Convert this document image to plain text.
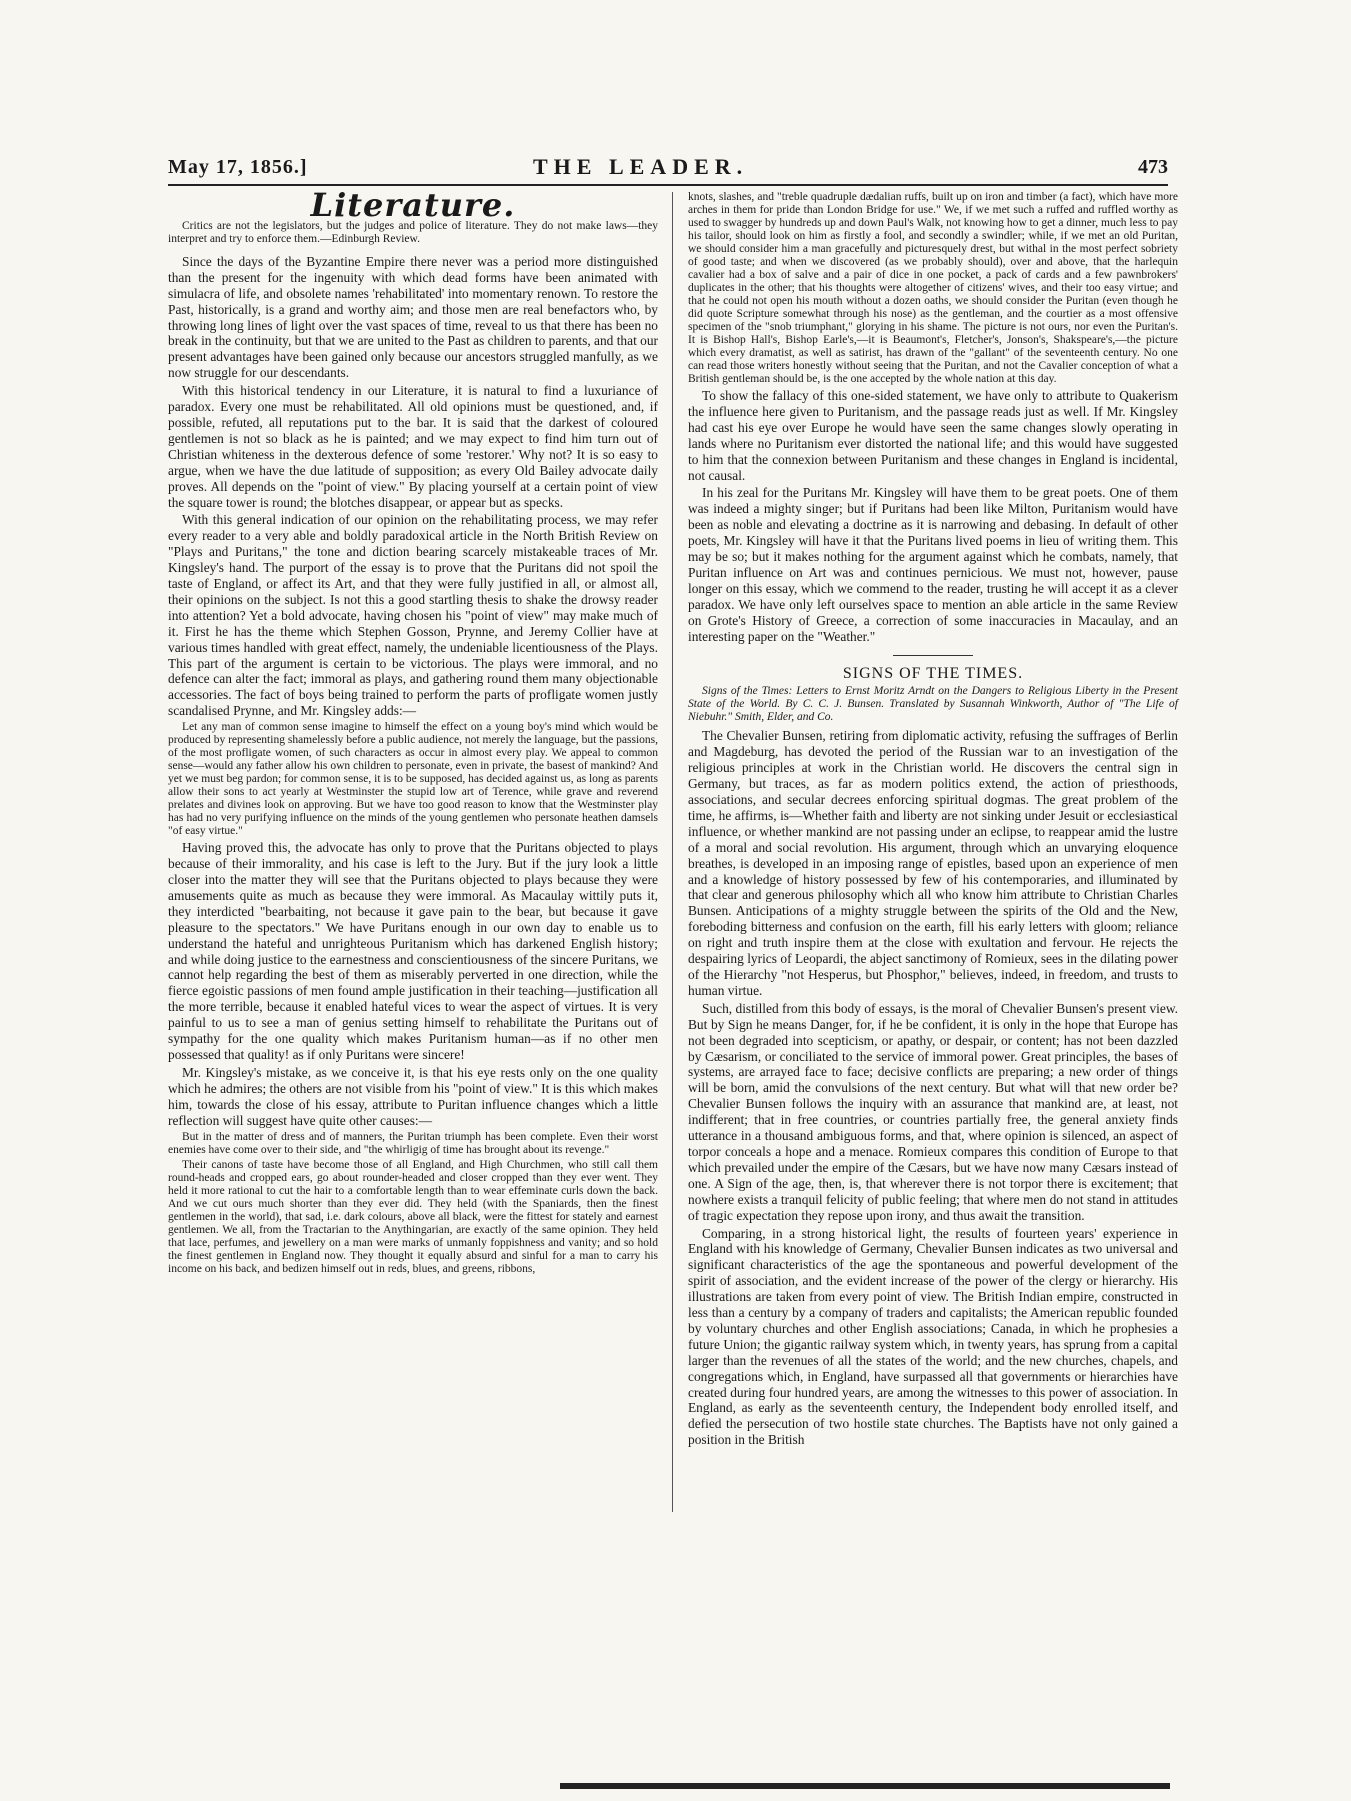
May 17, 1856.]	THE LEADER.	473
Literature.
Critics are not the legislators, but the judges and police of literature. They do not make laws—they interpret and try to enforce them.—Edinburgh Review.

Since the days of the Byzantine Empire there never was a period more distinguished than the present for the ingenuity with which dead forms have been animated with simulacra of life, and obsolete names 'rehabilitated' into momentary renown. To restore the Past, historically, is a grand and worthy aim; and those men are real benefactors who, by throwing long lines of light over the vast spaces of time, reveal to us that there has been no break in the continuity, but that we are united to the Past as children to parents, and that our present advantages have been gained only because our ancestors struggled manfully, as we now struggle for our descendants.

With this historical tendency in our Literature, it is natural to find a luxuriance of paradox. Every one must be rehabilitated. All old opinions must be questioned, and, if possible, refuted, all reputations put to the bar. It is said that the darkest of coloured gentlemen is not so black as he is painted; and we may expect to find him turn out of Christian whiteness in the dexterous defence of some 'restorer.' Why not? It is so easy to argue, when we have the due latitude of supposition; as every Old Bailey advocate daily proves. All depends on the "point of view." By placing yourself at a certain point of view the square tower is round; the blotches disappear, or appear but as specks.

With this general indication of our opinion on the rehabilitating process, we may refer every reader to a very able and boldly paradoxical article in the North British Review on "Plays and Puritans," the tone and diction bearing scarcely mistakeable traces of Mr. Kingsley's hand. The purport of the essay is to prove that the Puritans did not spoil the taste of England, or affect its Art, and that they were fully justified in all, or almost all, their opinions on the subject. Is not this a good startling thesis to shake the drowsy reader into attention? Yet a bold advocate, having chosen his "point of view" may make much of it. First he has the theme which Stephen Gosson, Prynne, and Jeremy Collier have at various times handled with great effect, namely, the undeniable licentiousness of the Plays. This part of the argument is certain to be victorious. The plays were immoral, and no defence can alter the fact; immoral as plays, and gathering round them many objectionable accessories. The fact of boys being trained to perform the parts of profligate women justly scandalised Prynne, and Mr. Kingsley adds:—

Let any man of common sense imagine to himself the effect on a young boy's mind which would be produced by representing shamelessly before a public audience, not merely the language, but the passions, of the most profligate women, of such characters as occur in almost every play. We appeal to common sense—would any father allow his own children to personate, even in private, the basest of mankind? And yet we must beg pardon; for common sense, it is to be supposed, has decided against us, as long as parents allow their sons to act yearly at Westminster the stupid low art of Terence, while grave and reverend prelates and divines look on approving. But we have too good reason to know that the Westminster play has had no very purifying influence on the minds of the young gentlemen who personate heathen damsels "of easy virtue."

Having proved this, the advocate has only to prove that the Puritans objected to plays because of their immorality, and his case is left to the Jury. But if the jury look a little closer into the matter they will see that the Puritans objected to plays because they were amusements quite as much as because they were immoral. As Macaulay wittily puts it, they interdicted "bearbaiting, not because it gave pain to the bear, but because it gave pleasure to the spectators." We have Puritans enough in our own day to enable us to understand the hateful and unrighteous Puritanism which has darkened English history; and while doing justice to the earnestness and conscientiousness of the sincere Puritans, we cannot help regarding the best of them as miserably perverted in one direction, while the fierce egoistic passions of men found ample justification in their teaching—justification all the more terrible, because it enabled hateful vices to wear the aspect of virtues. It is very painful to us to see a man of genius setting himself to rehabilitate the Puritans out of sympathy for the one quality which makes Puritanism human—as if no other men possessed that quality! as if only Puritans were sincere!

Mr. Kingsley's mistake, as we conceive it, is that his eye rests only on the one quality which he admires; the others are not visible from his "point of view." It is this which makes him, towards the close of his essay, attribute to Puritan influence changes which a little reflection will suggest have quite other causes:—

But in the matter of dress and of manners, the Puritan triumph has been complete. Even their worst enemies have come over to their side, and "the whirligig of time has brought about its revenge."

Their canons of taste have become those of all England, and High Churchmen, who still call them round-heads and cropped ears, go about rounder-headed and closer cropped than they ever went. They held it more rational to cut the hair to a comfortable length than to wear effeminate curls down the back. And we cut ours much shorter than they ever did. They held (with the Spaniards, then the finest gentlemen in the world), that sad, i.e. dark colours, above all black, were the fittest for stately and earnest gentlemen. We all, from the Tractarian to the Anythingarian, are exactly of the same opinion. They held that lace, perfumes, and jewellery on a man were marks of unmanly foppishness and vanity; and so hold the finest gentlemen in England now. They thought it equally absurd and sinful for a man to carry his income on his back, and bedizen himself out in reds, blues, and greens, ribbons,

knots, slashes, and "treble quadruple dædalian ruffs, built up on iron and timber (a fact), which have more arches in them for pride than London Bridge for use." We, if we met such a ruffed and ruffled worthy as used to swagger by hundreds up and down Paul's Walk, not knowing how to get a dinner, much less to pay his tailor, should look on him as firstly a fool, and secondly a swindler; while, if we met an old Puritan, we should consider him a man gracefully and picturesquely drest, but withal in the most perfect sobriety of good taste; and when we discovered (as we probably should), over and above, that the harlequin cavalier had a box of salve and a pair of dice in one pocket, a pack of cards and a few pawnbrokers' duplicates in the other; that his thoughts were altogether of citizens' wives, and their too easy virtue; and that he could not open his mouth without a dozen oaths, we should consider the Puritan (even though he did quote Scripture somewhat through his nose) as the gentleman, and the courtier as a most offensive specimen of the "snob triumphant," glorying in his shame. The picture is not ours, nor even the Puritan's. It is Bishop Hall's, Bishop Earle's,—it is Beaumont's, Fletcher's, Jonson's, Shakspeare's,—the picture which every dramatist, as well as satirist, has drawn of the "gallant" of the seventeenth century. No one can read those writers honestly without seeing that the Puritan, and not the Cavalier conception of what a British gentleman should be, is the one accepted by the whole nation at this day.

To show the fallacy of this one-sided statement, we have only to attribute to Quakerism the influence here given to Puritanism, and the passage reads just as well. If Mr. Kingsley had cast his eye over Europe he would have seen the same changes slowly operating in lands where no Puritanism ever distorted the national life; and this would have suggested to him that the connexion between Puritanism and these changes in England is incidental, not causal.

In his zeal for the Puritans Mr. Kingsley will have them to be great poets. One of them was indeed a mighty singer; but if Puritans had been like Milton, Puritanism would have been as noble and elevating a doctrine as it is narrowing and debasing. In default of other poets, Mr. Kingsley will have it that the Puritans lived poems in lieu of writing them. This may be so; but it makes nothing for the argument against which he combats, namely, that Puritan influence on Art was and continues pernicious. We must not, however, pause longer on this essay, which we commend to the reader, trusting he will accept it as a clever paradox. We have only left ourselves space to mention an able article in the same Review on Grote's History of Greece, a correction of some inaccuracies in Macaulay, and an interesting paper on the "Weather."

SIGNS OF THE TIMES.
Signs of the Times: Letters to Ernst Moritz Arndt on the Dangers to Religious Liberty in the Present State of the World. By C. C. J. Bunsen. Translated by Susannah Winkworth, Author of "The Life of Niebuhr." Smith, Elder, and Co.

The Chevalier Bunsen, retiring from diplomatic activity, refusing the suffrages of Berlin and Magdeburg, has devoted the period of the Russian war to an investigation of the religious principles at work in the Christian world. He discovers the central sign in Germany, but traces, as far as modern politics extend, the action of priesthoods, associations, and secular decrees enforcing spiritual dogmas. The great problem of the time, he affirms, is—Whether faith and liberty are not sinking under Jesuit or ecclesiastical influence, or whether mankind are not passing under an eclipse, to reappear amid the lustre of a moral and social revolution. His argument, through which an unvarying eloquence breathes, is developed in an imposing range of epistles, based upon an experience of men and a knowledge of history possessed by few of his contemporaries, and illuminated by that clear and generous philosophy which all who know him attribute to Christian Charles Bunsen. Anticipations of a mighty struggle between the spirits of the Old and the New, foreboding bitterness and confusion on the earth, fill his early letters with gloom; reliance on right and truth inspire them at the close with exultation and fervour. He rejects the despairing lyrics of Leopardi, the abject sanctimony of Romieux, sees in the dilating power of the Hierarchy "not Hesperus, but Phosphor," believes, indeed, in freedom, and trusts to human virtue.

Such, distilled from this body of essays, is the moral of Chevalier Bunsen's present view. But by Sign he means Danger, for, if he be confident, it is only in the hope that Europe has not been degraded into scepticism, or apathy, or despair, or content; has not been dazzled by Cæsarism, or conciliated to the service of immoral power. Great principles, the bases of systems, are arrayed face to face; decisive conflicts are preparing; a new order of things will be born, amid the convulsions of the next century. But what will that new order be? Chevalier Bunsen follows the inquiry with an assurance that mankind are, at least, not indifferent; that in free countries, or countries partially free, the general anxiety finds utterance in a thousand ambiguous forms, and that, where opinion is silenced, an aspect of torpor conceals a hope and a menace. Romieux compares this condition of Europe to that which prevailed under the empire of the Cæsars, but we have now many Cæsars instead of one. A Sign of the age, then, is, that wherever there is not torpor there is excitement; that nowhere exists a tranquil felicity of public feeling; that where men do not stand in attitudes of tragic expectation they repose upon irony, and thus await the transition.

Comparing, in a strong historical light, the results of fourteen years' experience in England with his knowledge of Germany, Chevalier Bunsen indicates as two universal and significant characteristics of the age the spontaneous and powerful development of the spirit of association, and the evident increase of the power of the clergy or hierarchy. His illustrations are taken from every point of view. The British Indian empire, constructed in less than a century by a company of traders and capitalists; the American republic founded by voluntary churches and other English associations; Canada, in which he prophesies a future Union; the gigantic railway system which, in twenty years, has sprung from a capital larger than the revenues of all the states of the world; and the new churches, chapels, and congregations which, in England, have surpassed all that governments or hierarchies have created during four hundred years, are among the witnesses to this power of association. In England, as early as the seventeenth century, the Independent body enrolled itself, and defied the persecution of two hostile state churches. The Baptists have not only gained a position in the British
